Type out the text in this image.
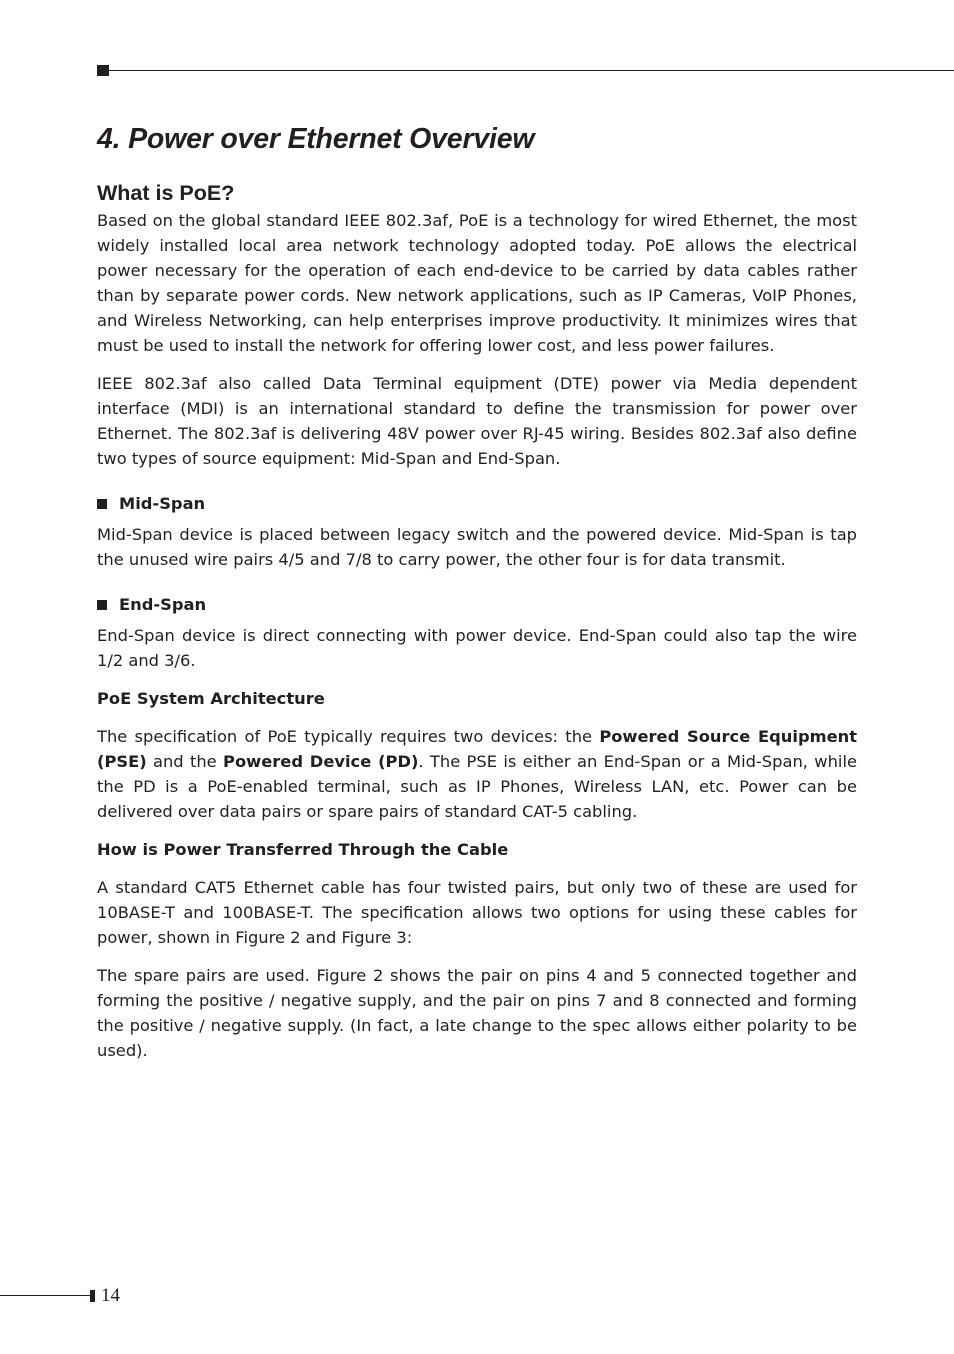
4. Power over Ethernet Overview
What is PoE?

Based on the global standard IEEE 802.3af, PoE is a technology for wired Ethernet, the most widely installed local area network technology adopted today. PoE allows the electrical power necessary for the operation of each end-device to be carried by data cables rather than by separate power cords. New network applications, such as IP Cameras, VoIP Phones, and Wireless Networking, can help enterprises improve productivity. It minimizes wires that must be used to install the network for offering lower cost, and less power failures.

IEEE 802.3af also called Data Terminal equipment (DTE) power via Media dependent interface (MDI) is an international standard to define the transmission for power over Ethernet. The 802.3af is delivering 48V power over RJ-45 wiring. Besides 802.3af also define two types of source equipment: Mid-Span and End-Span.

Mid-Span

Mid-Span device is placed between legacy switch and the powered device. Mid-Span is tap the unused wire pairs 4/5 and 7/8 to carry power, the other four is for data transmit.

End-Span

End-Span device is direct connecting with power device. End-Span could also tap the wire 1/2 and 3/6.

PoE System Architecture

The specification of PoE typically requires two devices: the Powered Source Equipment (PSE) and the Powered Device (PD). The PSE is either an End-Span or a Mid-Span, while the PD is a PoE-enabled terminal, such as IP Phones, Wireless LAN, etc. Power can be delivered over data pairs or spare pairs of standard CAT-5 cabling.

How is Power Transferred Through the Cable

A standard CAT5 Ethernet cable has four twisted pairs, but only two of these are used for 10BASE-T and 100BASE-T. The specification allows two options for using these cables for power, shown in Figure 2 and Figure 3:

The spare pairs are used. Figure 2 shows the pair on pins 4 and 5 connected together and forming the positive / negative supply, and the pair on pins 7 and 8 connected and forming the positive / negative supply. (In fact, a late change to the spec allows either polarity to be used).

14
